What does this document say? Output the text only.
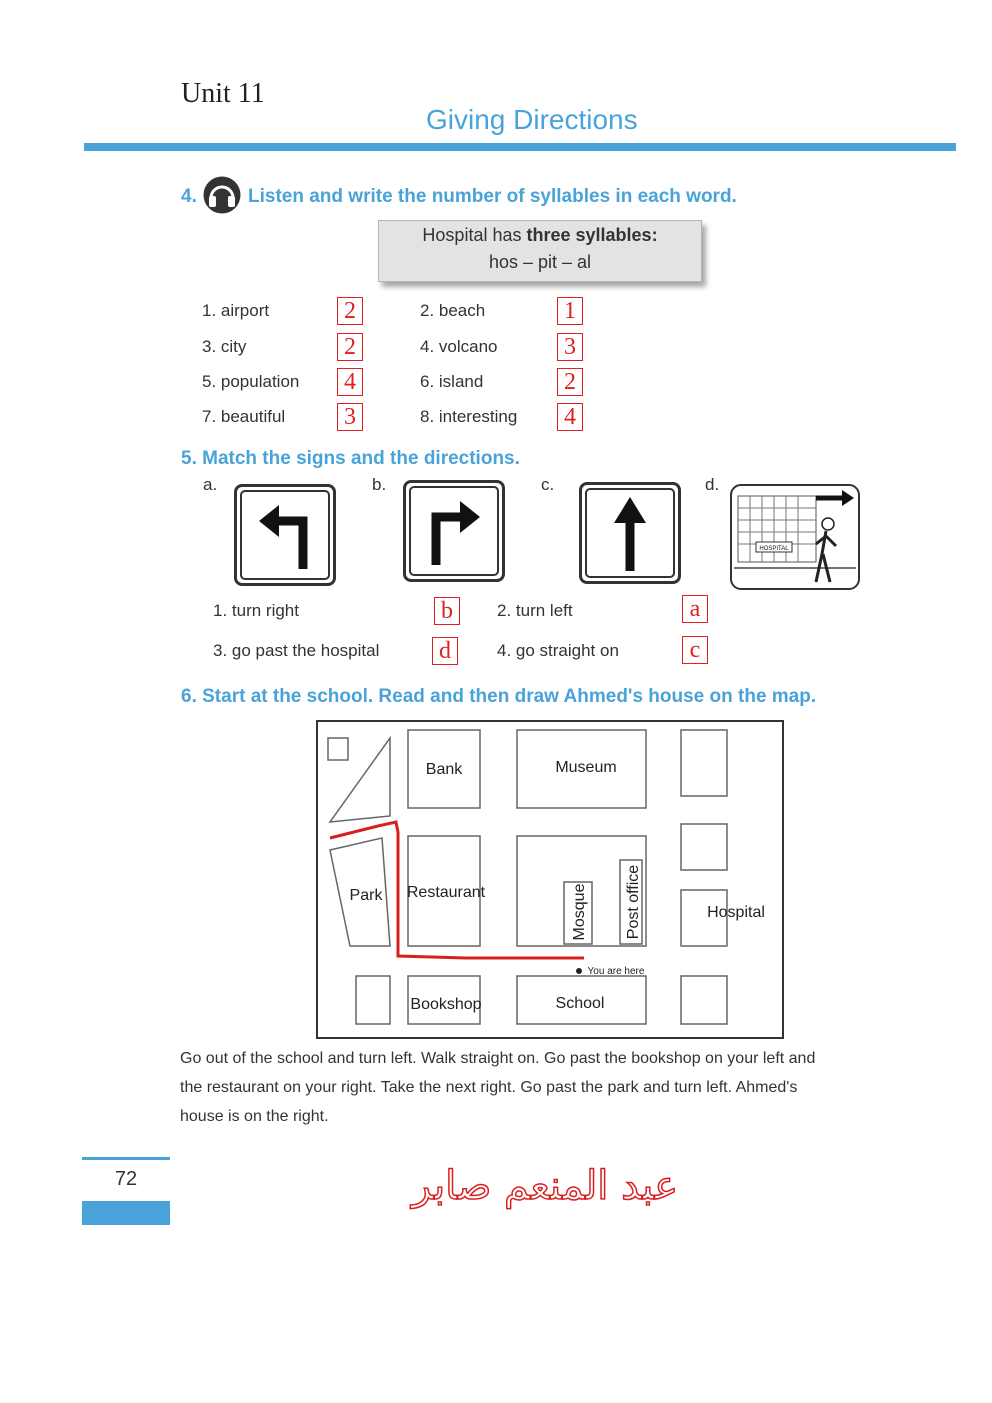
Unit 11
Giving Directions
4.	Listen and write the number of syllables in each word.
Hospital has three syllables:
hos – pit – al
1. airport	2	2. beach	1
3. city	2	4. volcano	3
5. population 4	6. island	2
7. beautiful 3	8. interesting 4
5. Match the signs and the directions.
a.	b.	c.	d.
HOSPITAL
1. turn right	b	2. turn left	a
3. go past the hospital d	4. go straight on	c
6. Start at the school. Read and then draw Ahmed's house on the map.
Bank	Museum
Park Restaurant	Mosque Post office	Hospital
You are here
Bookshop	School
Go out of the school and turn left. Walk straight on. Go past the bookshop on your left and
the restaurant on your right. Take the next right. Go past the park and turn left. Ahmed's
house is on the right.
72	عبد المنعم صابر
